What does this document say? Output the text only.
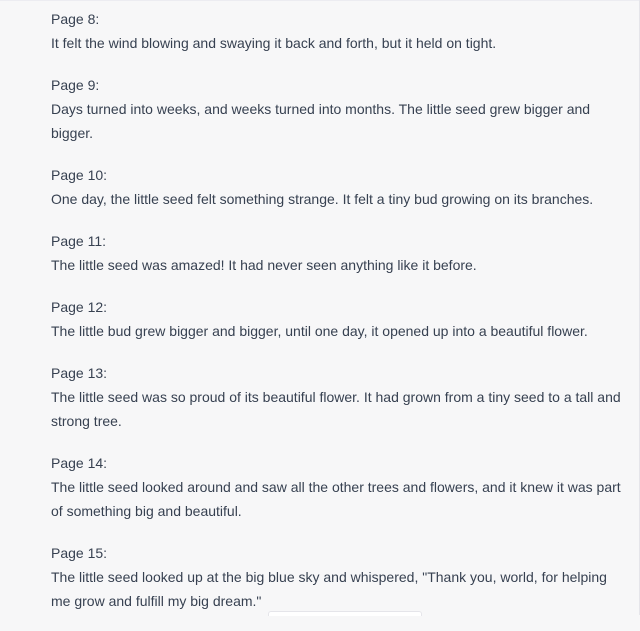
Page 8:

It felt the wind blowing and swaying it back and forth, but it held on tight.

Page 9:

Days turned into weeks, and weeks turned into months. The little seed grew bigger and bigger.

Page 10:

One day, the little seed felt something strange. It felt a tiny bud growing on its branches.

Page 11:

The little seed was amazed! It had never seen anything like it before.

Page 12:

The little bud grew bigger and bigger, until one day, it opened up into a beautiful flower.

Page 13:

The little seed was so proud of its beautiful flower. It had grown from a tiny seed to a tall and strong tree.

Page 14:

The little seed looked around and saw all the other trees and flowers, and it knew it was part of something big and beautiful.

Page 15:

The little seed looked up at the big blue sky and whispered, "Thank you, world, for helping me grow and fulfill my big dream."
